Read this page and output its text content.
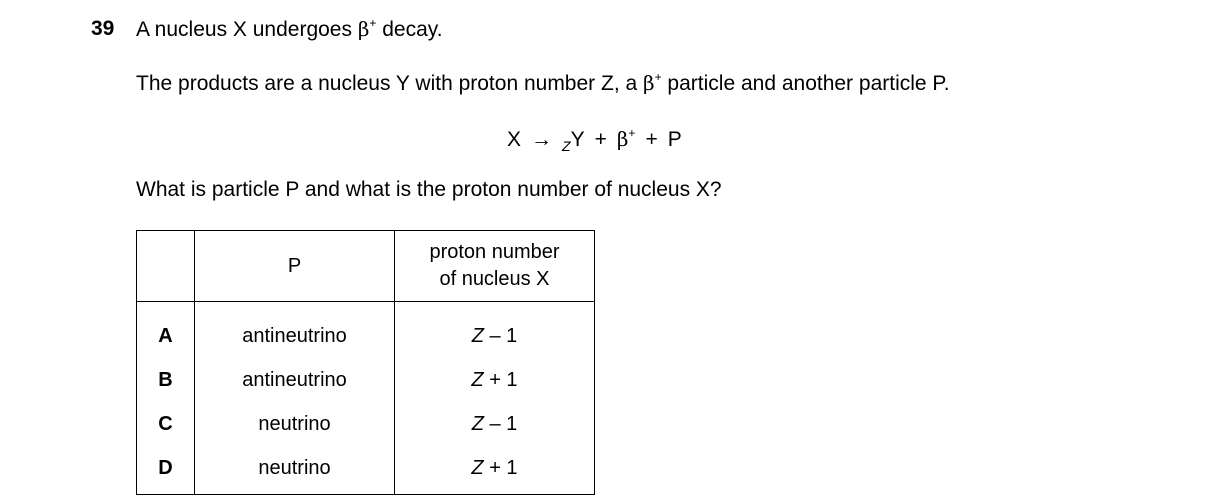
39 A nucleus X undergoes β+ decay.
The products are a nucleus Y with proton number Z, a β+ particle and another particle P.
X → $_Z$Y + β+ + P
What is particle P and what is the proton number of nucleus X?
	P	proton number
of nucleus X
A	antineutrino	Z – 1
B	antineutrino	Z + 1
C	neutrino	Z – 1
D	neutrino	Z + 1
